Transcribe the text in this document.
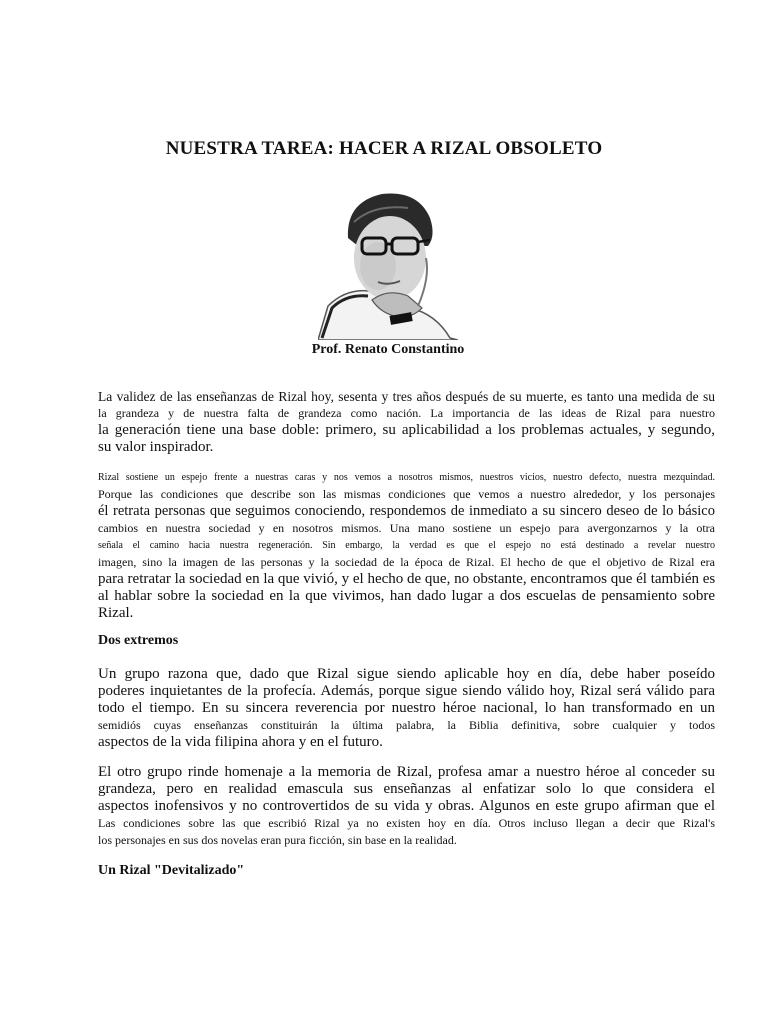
NUESTRA TAREA: HACER A RIZAL OBSOLETO
Prof. Renato Constantino
La validez de las enseñanzas de Rizal hoy, sesenta y tres años después de su muerte, es tanto una medida de su
la grandeza y de nuestra falta de grandeza como nación. La importancia de las ideas de Rizal para nuestro
la generación tiene una base doble: primero, su aplicabilidad a los problemas actuales, y segundo,
su valor inspirador.
Rizal sostiene un espejo frente a nuestras caras y nos vemos a nosotros mismos, nuestros vicios, nuestro defecto, nuestra mezquindad.
Porque las condiciones que describe son las mismas condiciones que vemos a nuestro alrededor, y los personajes
él retrata personas que seguimos conociendo, respondemos de inmediato a su sincero deseo de lo básico
cambios en nuestra sociedad y en nosotros mismos. Una mano sostiene un espejo para avergonzarnos y la otra
señala el camino hacia nuestra regeneración. Sin embargo, la verdad es que el espejo no está destinado a revelar nuestro
imagen, sino la imagen de las personas y la sociedad de la época de Rizal. El hecho de que el objetivo de Rizal era
para retratar la sociedad en la que vivió, y el hecho de que, no obstante, encontramos que él también es
al hablar sobre la sociedad en la que vivimos, han dado lugar a dos escuelas de pensamiento sobre
Rizal.
Dos extremos
Un grupo razona que, dado que Rizal sigue siendo aplicable hoy en día, debe haber poseído
poderes inquietantes de la profecía. Además, porque sigue siendo válido hoy, Rizal será válido para
todo el tiempo. En su sincera reverencia por nuestro héroe nacional, lo han transformado en un
semidiós cuyas enseñanzas constituirán la última palabra, la Biblia definitiva, sobre cualquier y todos
aspectos de la vida filipina ahora y en el futuro.
El otro grupo rinde homenaje a la memoria de Rizal, profesa amar a nuestro héroe al conceder su
grandeza, pero en realidad emascula sus enseñanzas al enfatizar solo lo que considera el
aspectos inofensivos y no controvertidos de su vida y obras. Algunos en este grupo afirman que el
Las condiciones sobre las que escribió Rizal ya no existen hoy en día. Otros incluso llegan a decir que Rizal's
los personajes en sus dos novelas eran pura ficción, sin base en la realidad.
Un Rizal "Devitalizado"
